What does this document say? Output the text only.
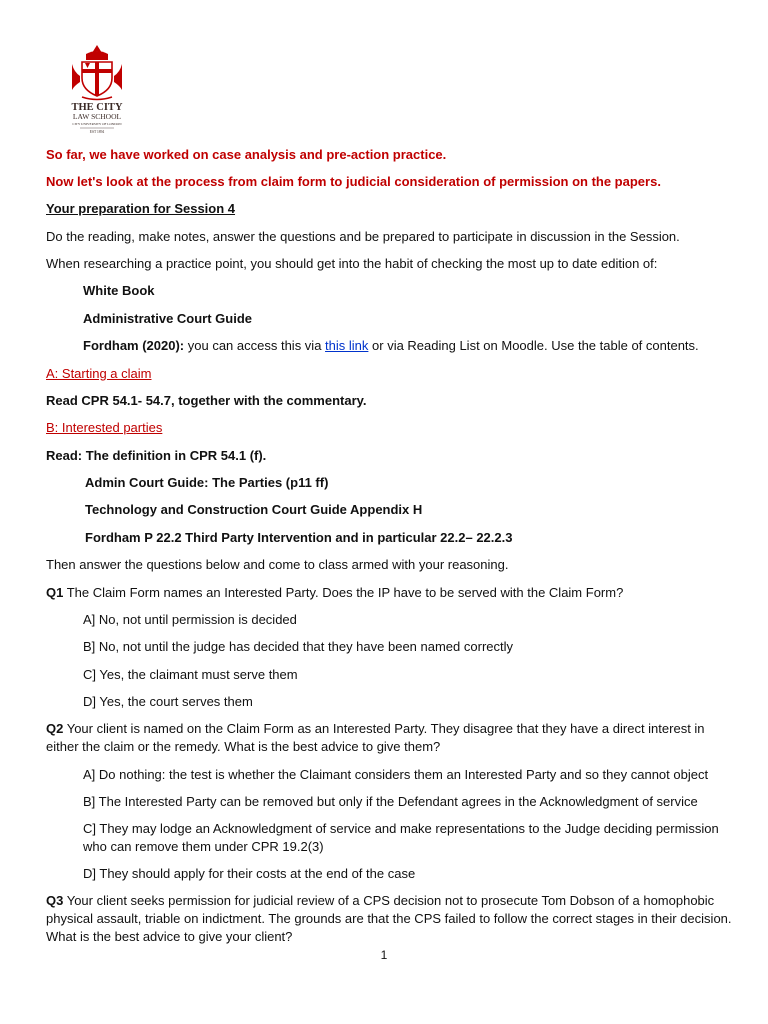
THE CITY
LAW SCHOOL
CITY UNIVERSITY OF LONDON
EST 1894
So far, we have worked on case analysis and pre-action practice.
Now let's look at the process from claim form to judicial consideration of permission on the papers.
Your preparation for Session 4
Do the reading, make notes, answer the questions and be prepared to participate in discussion in the Session.
When researching a practice point, you should get into the habit of checking the most up to date edition of:
White Book
Administrative Court Guide
Fordham (2020): you can access this via this link or via Reading List on Moodle. Use the table of contents.
A: Starting a claim
Read CPR 54.1- 54.7, together with the commentary.
B: Interested parties
Read: The definition in CPR 54.1 (f).
Admin Court Guide: The Parties (p11 ff)
Technology and Construction Court Guide Appendix H
Fordham P 22.2 Third Party Intervention and in particular 22.2– 22.2.3
Then answer the questions below and come to class armed with your reasoning.
Q1 The Claim Form names an Interested Party. Does the IP have to be served with the Claim Form?
A] No, not until permission is decided
B] No, not until the judge has decided that they have been named correctly
C] Yes, the claimant must serve them
D] Yes, the court serves them
Q2 Your client is named on the Claim Form as an Interested Party. They disagree that they have a direct interest in either the claim or the remedy. What is the best advice to give them?
A] Do nothing: the test is whether the Claimant considers them an Interested Party and so they cannot object
B] The Interested Party can be removed but only if the Defendant agrees in the Acknowledgment of service
C] They may lodge an Acknowledgment of service and make representations to the Judge deciding permission who can remove them under CPR 19.2(3)
D] They should apply for their costs at the end of the case
Q3 Your client seeks permission for judicial review of a CPS decision not to prosecute Tom Dobson of a homophobic physical assault, triable on indictment. The grounds are that the CPS failed to follow the correct stages in their decision. What is the best advice to give your client?
1
